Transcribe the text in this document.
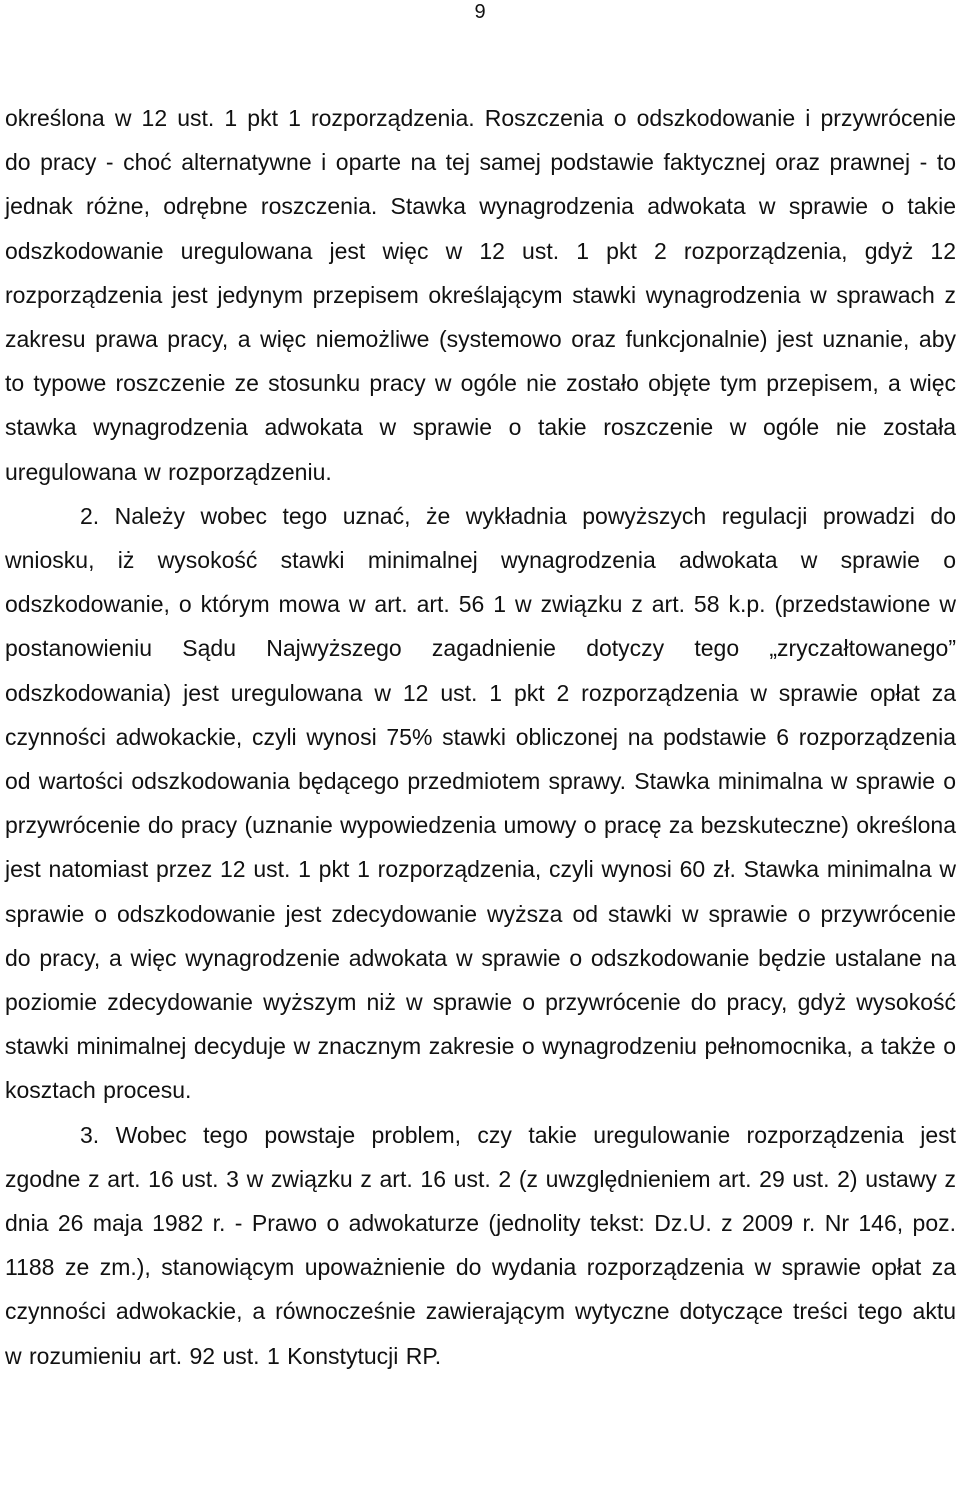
9

określona w 12 ust. 1 pkt 1 rozporządzenia. Roszczenia o odszkodowanie i przywrócenie do pracy - choć alternatywne i oparte na tej samej podstawie faktycznej oraz prawnej - to jednak różne, odrębne roszczenia. Stawka wynagrodzenia adwokata w sprawie o takie odszkodowanie uregulowana jest więc w 12 ust. 1 pkt 2 rozporządzenia, gdyż 12 rozporządzenia jest jedynym przepisem określającym stawki wynagrodzenia w sprawach z zakresu prawa pracy, a więc niemożliwe (systemowo oraz funkcjonalnie) jest uznanie, aby to typowe roszczenie ze stosunku pracy w ogóle nie zostało objęte tym przepisem, a więc stawka wynagrodzenia adwokata w sprawie o takie roszczenie w ogóle nie została uregulowana w rozporządzeniu.

2. Należy wobec tego uznać, że wykładnia powyższych regulacji prowadzi do wniosku, iż wysokość stawki minimalnej wynagrodzenia adwokata w sprawie o odszkodowanie, o którym mowa w art. art. 56 1 w związku z art. 58 k.p. (przedstawione w postanowieniu Sądu Najwyższego zagadnienie dotyczy tego „zryczałtowanego” odszkodowania) jest uregulowana w 12 ust. 1 pkt 2 rozporządzenia w sprawie opłat za czynności adwokackie, czyli wynosi 75% stawki obliczonej na podstawie 6 rozporządzenia od wartości odszkodowania będącego przedmiotem sprawy. Stawka minimalna w sprawie o przywrócenie do pracy (uznanie wypowiedzenia umowy o pracę za bezskuteczne) określona jest natomiast przez 12 ust. 1 pkt 1 rozporządzenia, czyli wynosi 60 zł. Stawka minimalna w sprawie o odszkodowanie jest zdecydowanie wyższa od stawki w sprawie o przywrócenie do pracy, a więc wynagrodzenie adwokata w sprawie o odszkodowanie będzie ustalane na poziomie zdecydowanie wyższym niż w sprawie o przywrócenie do pracy, gdyż wysokość stawki minimalnej decyduje w znacznym zakresie o wynagrodzeniu pełnomocnika, a także o kosztach procesu.

3. Wobec tego powstaje problem, czy takie uregulowanie rozporządzenia jest zgodne z art. 16 ust. 3 w związku z art. 16 ust. 2 (z uwzględnieniem art. 29 ust. 2) ustawy z dnia 26 maja 1982 r. - Prawo o adwokaturze (jednolity tekst: Dz.U. z 2009 r. Nr 146, poz. 1188 ze zm.), stanowiącym upoważnienie do wydania rozporządzenia w sprawie opłat za czynności adwokackie, a równocześnie zawierającym wytyczne dotyczące treści tego aktu w rozumieniu art. 92 ust. 1 Konstytucji RP.
